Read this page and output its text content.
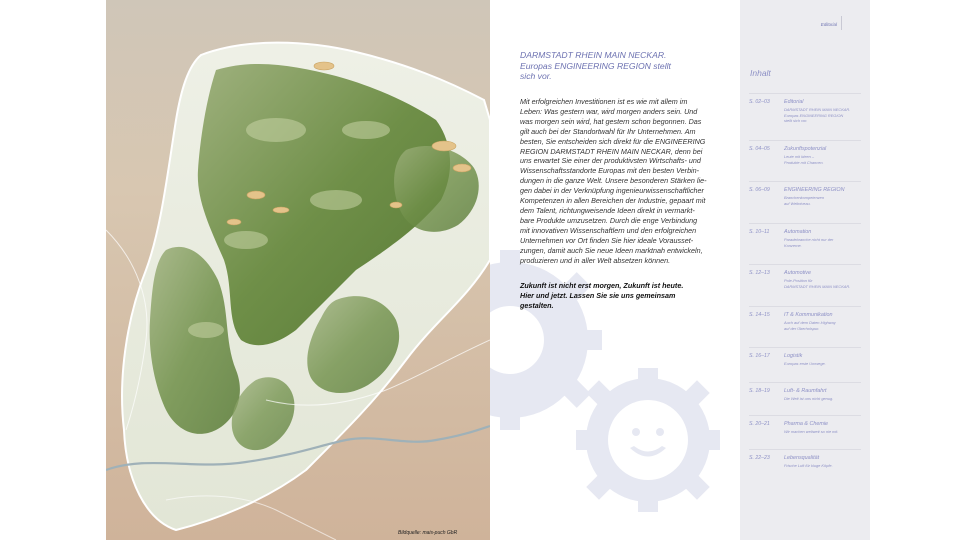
Bildquelle: mais-puch GbR
DARMSTADT RHEIN MAIN NECKAR.
Europas ENGINEERING REGION stellt
sich vor.
Mit erfolgreichen Investitionen ist es wie mit allem im
Leben: Was gestern war, wird morgen anders sein. Und
was morgen sein wird, hat gestern schon begonnen. Das
gilt auch bei der Standortwahl für Ihr Unternehmen. Am
besten, Sie entscheiden sich direkt für die ENGINEERING
REGION DARMSTADT RHEIN MAIN NECKAR, denn bei
uns erwartet Sie einer der produktivsten Wirtschafts- und
Wissenschaftsstandorte Europas mit den besten Verbin-
dungen in die ganze Welt. Unsere besonderen Stärken lie-
gen dabei in der Verknüpfung ingenieurwissenschaftlicher
Kompetenzen in allen Bereichen der Industrie, gepaart mit
dem Talent, richtungweisende Ideen direkt in vermarkt-
bare Produkte umzusetzen. Durch die enge Verbindung
mit innovativen Wissenschaftlern und den erfolgreichen
Unternehmen vor Ort finden Sie hier ideale Vorausset-
zungen, damit auch Sie neue Ideen marktnah entwickeln,
produzieren und in aller Welt absetzen können.
Zukunft ist nicht erst morgen, Zukunft ist heute.
Hier und jetzt. Lassen Sie sie uns gemeinsam
gestalten.
Editorial
Inhalt
S. 02–03	Editorial
DARMSTADT RHEIN MAIN NECKAR.
Europas ENGINEERING REGION
stellt sich vor.
S. 04–05	Zukunftspotenzial
Leute mit Ideen –
Produkte mit Chancen.
S. 06–09	ENGINEERING REGION
Branchenkompetenzen
auf Weltniveau.
S. 10–11	Automation
Paradebranche nicht nur der
Konzerne.
S. 12–13	Automotive
Pole-Position für
DARMSTADT RHEIN MAIN NECKAR.
S. 14–15	IT & Kommunikation
Auch auf dem Daten-Highway
auf der Überholspur.
S. 16–17	Logistik
Europas erste Umwege.
S. 18–19	Luft- & Raumfahrt
Die Welt ist uns nicht genug.
S. 20–21	Pharma & Chemie
Wir machen weltweit so nie mit.
S. 22–23	Lebensqualität
Frische Luft für kluge Köpfe.
